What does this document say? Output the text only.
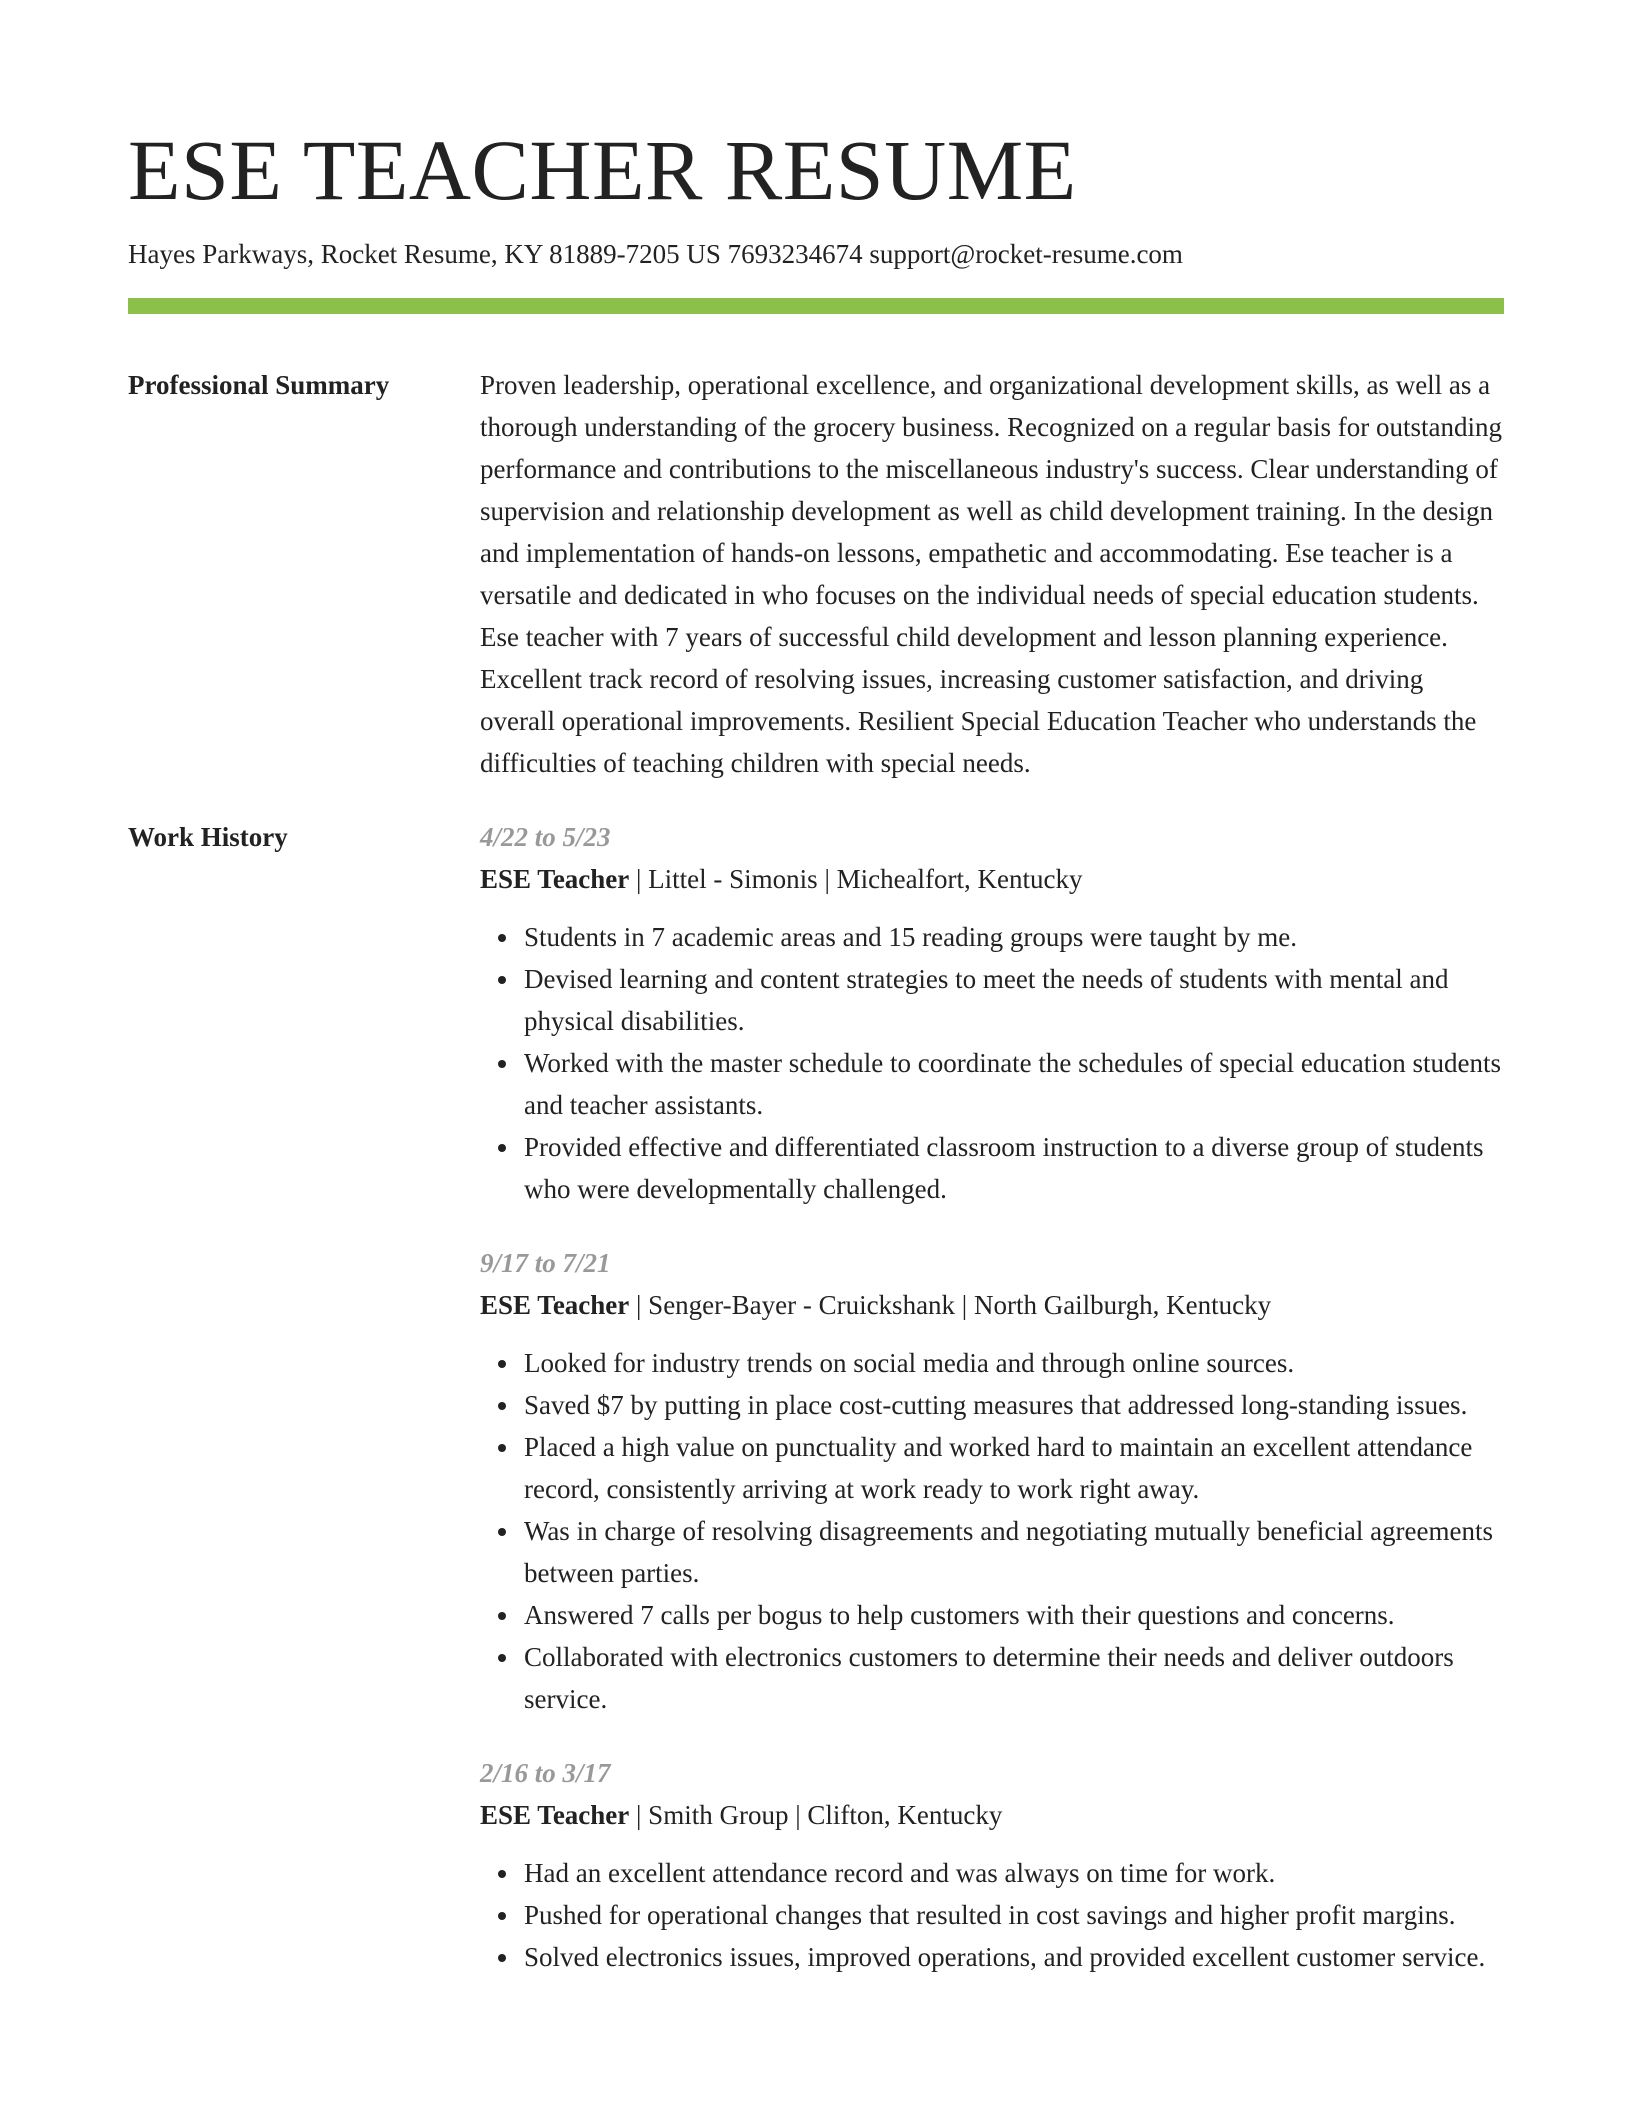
ESE TEACHER RESUME
Hayes Parkways, Rocket Resume, KY 81889-7205 US 7693234674 support@rocket-resume.com
Professional Summary	Proven leadership, operational excellence, and organizational development skills, as well as a thorough understanding of the grocery business. Recognized on a regular basis for outstanding performance and contributions to the miscellaneous industry's success. Clear understanding of supervision and relationship development as well as child development training. In the design and implementation of hands-on lessons, empathetic and accommodating. Ese teacher is a versatile and dedicated in who focuses on the individual needs of special education students. Ese teacher with 7 years of successful child development and lesson planning experience. Excellent track record of resolving issues, increasing customer satisfaction, and driving overall operational improvements. Resilient Special Education Teacher who understands the difficulties of teaching children with special needs.

Work History	4/22 to 5/23
ESE Teacher | Littel - Simonis | Michealfort, Kentucky
Students in 7 academic areas and 15 reading groups were taught by me.
Devised learning and content strategies to meet the needs of students with mental and physical disabilities.
Worked with the master schedule to coordinate the schedules of special education students and teacher assistants.
Provided effective and differentiated classroom instruction to a diverse group of students who were developmentally challenged.
9/17 to 7/21
ESE Teacher | Senger-Bayer - Cruickshank | North Gailburgh, Kentucky
Looked for industry trends on social media and through online sources.
Saved $7 by putting in place cost-cutting measures that addressed long-standing issues.
Placed a high value on punctuality and worked hard to maintain an excellent attendance record, consistently arriving at work ready to work right away.
Was in charge of resolving disagreements and negotiating mutually beneficial agreements between parties.
Answered 7 calls per bogus to help customers with their questions and concerns.
Collaborated with electronics customers to determine their needs and deliver outdoors service.
2/16 to 3/17
ESE Teacher | Smith Group | Clifton, Kentucky
Had an excellent attendance record and was always on time for work.
Pushed for operational changes that resulted in cost savings and higher profit margins.
Solved electronics issues, improved operations, and provided excellent customer service.
